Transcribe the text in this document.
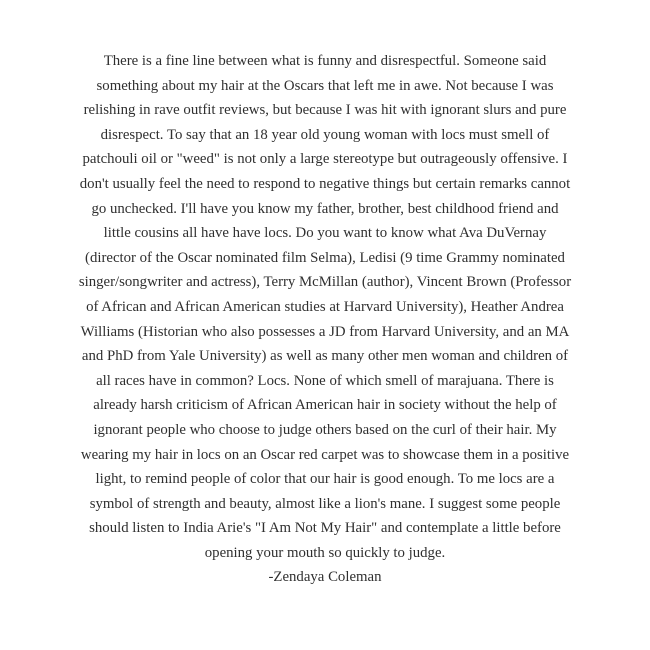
There is a fine line between what is funny and disrespectful. Someone said
something about my hair at the Oscars that left me in awe. Not because I was
relishing in rave outfit reviews, but because I was hit with ignorant slurs and pure
disrespect. To say that an 18 year old young woman with locs must smell of
patchouli oil or "weed" is not only a large stereotype but outrageously offensive. I
don't usually feel the need to respond to negative things but certain remarks cannot
go unchecked. I'll have you know my father, brother, best childhood friend and
little cousins all have have locs. Do you want to know what Ava DuVernay
(director of the Oscar nominated film Selma), Ledisi (9 time Grammy nominated
singer/songwriter and actress), Terry McMillan (author), Vincent Brown (Professor
of African and African American studies at Harvard University), Heather Andrea
Williams (Historian who also possesses a JD from Harvard University, and an MA
and PhD from Yale University) as well as many other men woman and children of
all races have in common? Locs. None of which smell of marajuana. There is
already harsh criticism of African American hair in society without the help of
ignorant people who choose to judge others based on the curl of their hair. My
wearing my hair in locs on an Oscar red carpet was to showcase them in a positive
light, to remind people of color that our hair is good enough. To me locs are a
symbol of strength and beauty, almost like a lion's mane. I suggest some people
should listen to India Arie's "I Am Not My Hair" and contemplate a little before
opening your mouth so quickly to judge.
-Zendaya Coleman
